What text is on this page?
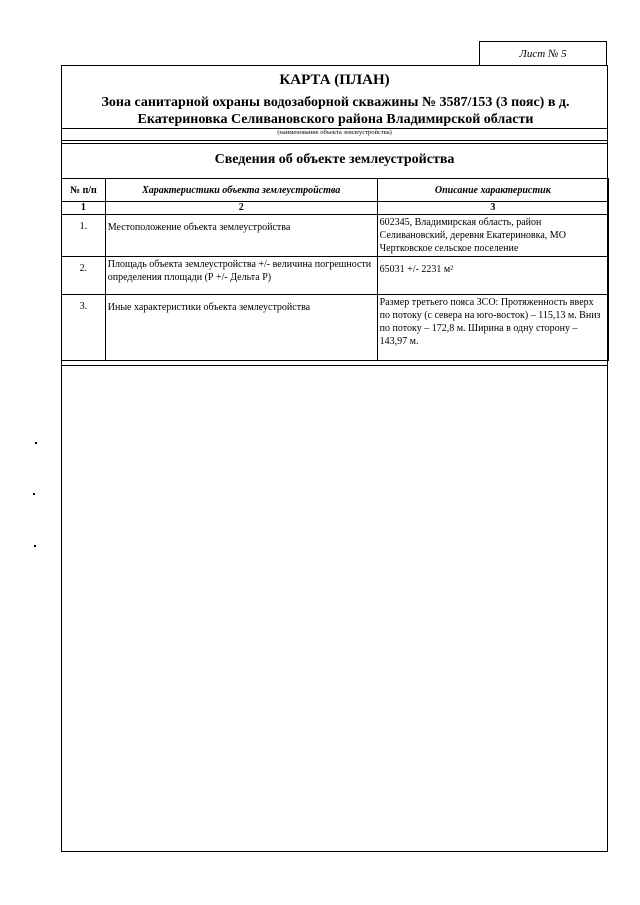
Лист № 5
КАРТА (ПЛАН)
Зона санитарной охраны водозаборной скважины № 3587/153 (3 пояс) в д.
Екатериновка Селивановского района Владимирской области
(наименование объекта землеустройства)
Сведения об объекте землеустройства
№ п/п	Характеристики объекта землеустройства	Описание характеристик
1	2	3
1.	Местоположение объекта землеустройства	602345, Владимирская область, район Селивановский, деревня Екатериновка, МО Чертковское сельское поселение
2.	Площадь объекта землеустройства +/- величина погрешности определения площади (Р +/- Дельта Р)	65031 +/- 2231 м²

3.	Иные характеристики объекта землеустройства	Размер третьего пояса ЗСО: Протяженность вверх по потоку (с севера на юго-восток) – 115,13 м. Вниз по потоку – 172,8 м. Ширина в одну сторону – 143,97 м.
